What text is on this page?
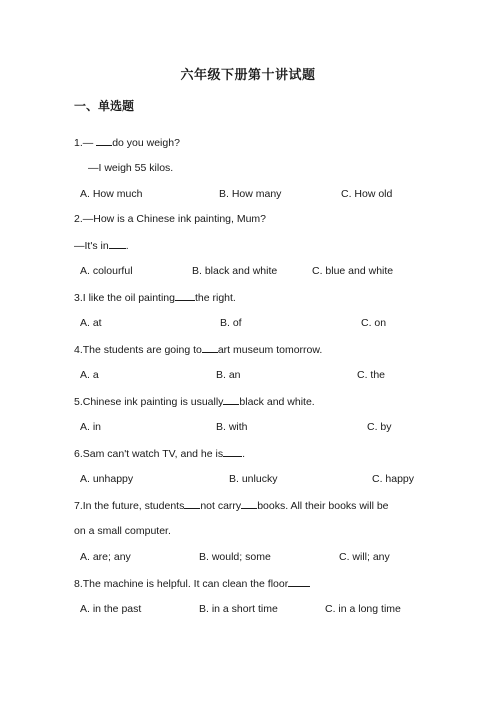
六年级下册第十讲试题
一、单选题
1.— do you weigh?
—I weigh 55 kilos.
A. How much	B. How many	C. How old
2.—How is a Chinese ink painting, Mum?
—It's in .
A. colourful	B. black and white	C. blue and white
3.I like the oil painting the right.
A. at	B. of	C. on
4.The students are going to art museum tomorrow.
A. a	B. an	C. the
5.Chinese ink painting is usually black and white.
A. in	B. with	C. by
6.Sam can't watch TV, and he is .
A. unhappy	B. unlucky	C. happy
7.In the future, students not carry books. All their books will be
on a small computer.
A. are; any	B. would; some	C. will; any
8.The machine is helpful. It can clean the floor
A. in the past	B. in a short time	C. in a long time
